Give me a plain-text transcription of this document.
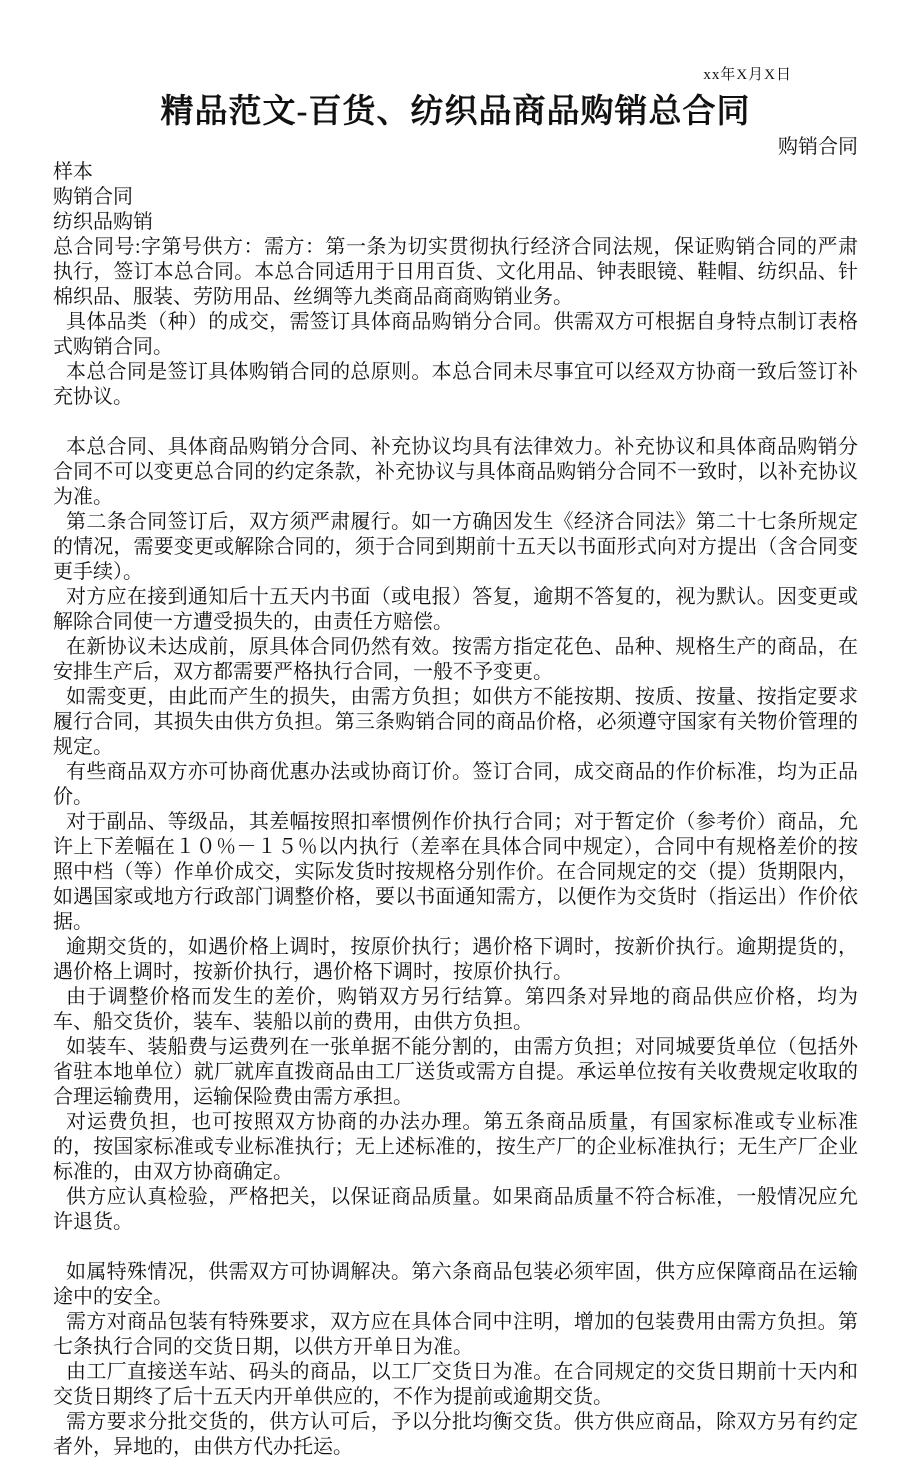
xx年X月X日
精品范文-百货、纺织品商品购销总合同
购销合同
样本
购销合同
纺织品购销

总合同号:字第号供方：需方：第一条为切实贯彻执行经济合同法规，保证购销合同的严肃执行，签订本总合同。本总合同适用于日用百货、文化用品、钟表眼镜、鞋帽、纺织品、针棉织品、服装、劳防用品、丝绸等九类商品商商购销业务。

具体品类（种）的成交，需签订具体商品购销分合同。供需双方可根据自身特点制订表格式购销合同。

本总合同是签订具体购销合同的总原则。本总合同未尽事宜可以经双方协商一致后签订补充协议。

本总合同、具体商品购销分合同、补充协议均具有法律效力。补充协议和具体商品购销分合同不可以变更总合同的约定条款，补充协议与具体商品购销分合同不一致时，以补充协议为准。

第二条合同签订后，双方须严肃履行。如一方确因发生《经济合同法》第二十七条所规定的情况，需要变更或解除合同的，须于合同到期前十五天以书面形式向对方提出（含合同变更手续）。

对方应在接到通知后十五天内书面（或电报）答复，逾期不答复的，视为默认。因变更或解除合同使一方遭受损失的，由责任方赔偿。

在新协议未达成前，原具体合同仍然有效。按需方指定花色、品种、规格生产的商品，在安排生产后，双方都需要严格执行合同，一般不予变更。

如需变更，由此而产生的损失，由需方负担；如供方不能按期、按质、按量、按指定要求履行合同，其损失由供方负担。第三条购销合同的商品价格，必须遵守国家有关物价管理的规定。

有些商品双方亦可协商优惠办法或协商订价。签订合同，成交商品的作价标准，均为正品价。

对于副品、等级品，其差幅按照扣率惯例作价执行合同；对于暂定价（参考价）商品，允许上下差幅在１０％－１５％以内执行（差率在具体合同中规定），合同中有规格差价的按照中档（等）作单价成交，实际发货时按规格分别作价。在合同规定的交（提）货期限内，如遇国家或地方行政部门调整价格，要以书面通知需方，以便作为交货时（指运出）作价依据。

逾期交货的，如遇价格上调时，按原价执行；遇价格下调时，按新价执行。逾期提货的，遇价格上调时，按新价执行，遇价格下调时，按原价执行。

由于调整价格而发生的差价，购销双方另行结算。第四条对异地的商品供应价格，均为车、船交货价，装车、装船以前的费用，由供方负担。

如装车、装船费与运费列在一张单据不能分割的，由需方负担；对同城要货单位（包括外省驻本地单位）就厂就库直拨商品由工厂送货或需方自提。承运单位按有关收费规定收取的合理运输费用，运输保险费由需方承担。

对运费负担，也可按照双方协商的办法办理。第五条商品质量，有国家标准或专业标准的，按国家标准或专业标准执行；无上述标准的，按生产厂的企业标准执行；无生产厂企业标准的，由双方协商确定。

供方应认真检验，严格把关，以保证商品质量。如果商品质量不符合标准，一般情况应允许退货。

如属特殊情况，供需双方可协调解决。第六条商品包装必须牢固，供方应保障商品在运输途中的安全。

需方对商品包装有特殊要求，双方应在具体合同中注明，增加的包装费用由需方负担。第七条执行合同的交货日期，以供方开单日为准。

由工厂直接送车站、码头的商品，以工厂交货日为准。在合同规定的交货日期前十天内和交货日期终了后十五天内开单供应的，不作为提前或逾期交货。

需方要求分批交货的，供方认可后，予以分批均衡交货。供方供应商品，除双方另有约定者外，异地的，由供方代办托运。
